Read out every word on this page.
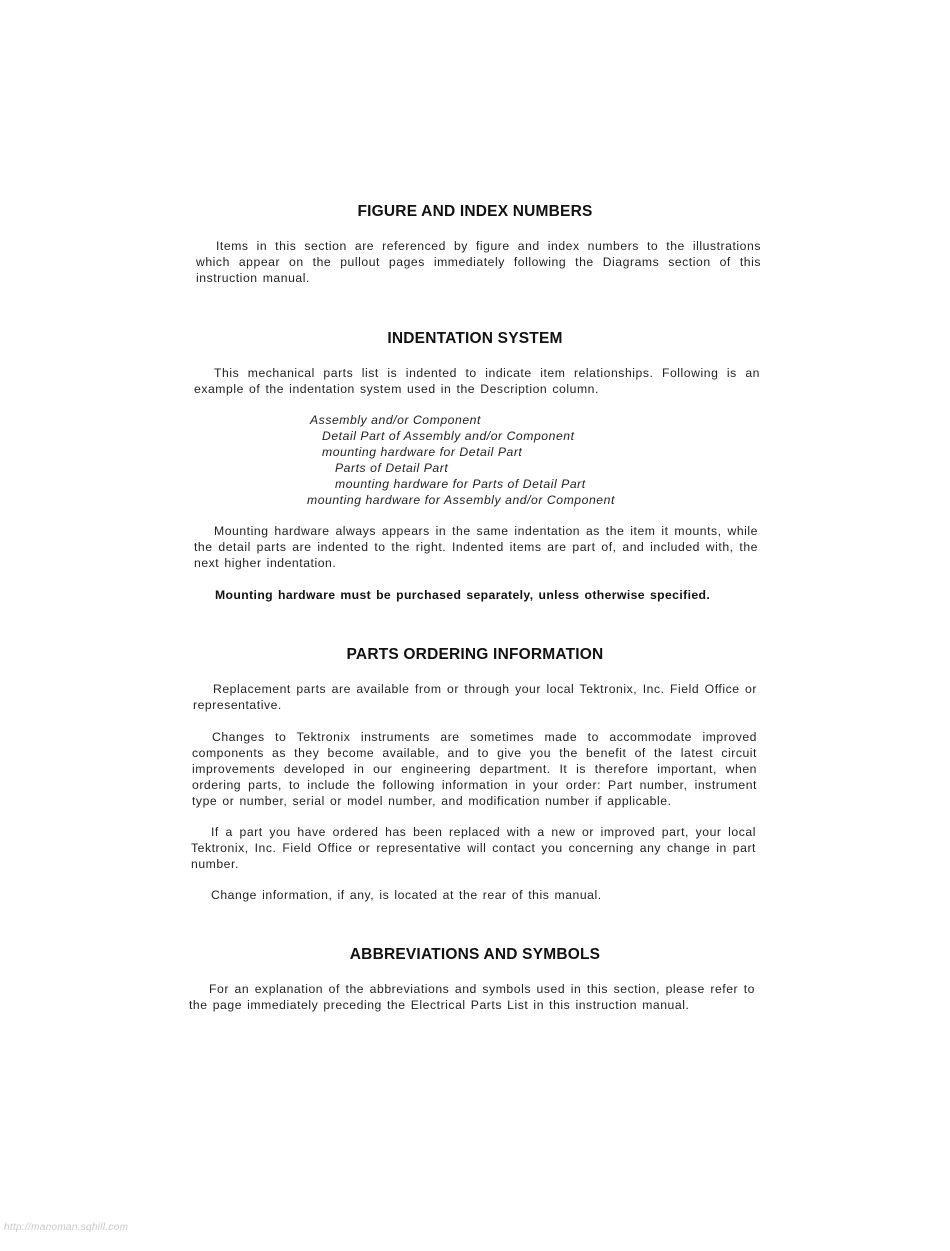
FIGURE AND INDEX NUMBERS

Items in this section are referenced by figure and index numbers to the illustrations which appear on the pullout pages immediately following the Diagrams section of this instruction manual.

INDENTATION SYSTEM

This mechanical parts list is indented to indicate item relationships. Following is an example of the indentation system used in the Description column.

Assembly and/or Component
Detail Part of Assembly and/or Component
mounting hardware for Detail Part
Parts of Detail Part
mounting hardware for Parts of Detail Part
mounting hardware for Assembly and/or Component

Mounting hardware always appears in the same indentation as the item it mounts, while the detail parts are indented to the right. Indented items are part of, and included with, the next higher indentation.

Mounting hardware must be purchased separately, unless otherwise specified.

PARTS ORDERING INFORMATION

Replacement parts are available from or through your local Tektronix, Inc. Field Office or representative.

Changes to Tektronix instruments are sometimes made to accommodate improved components as they become available, and to give you the benefit of the latest circuit improvements developed in our engineering department. It is therefore important, when ordering parts, to include the following information in your order: Part number, instrument type or number, serial or model number, and modification number if applicable.

If a part you have ordered has been replaced with a new or improved part, your local Tektronix, Inc. Field Office or representative will contact you concerning any change in part number.

Change information, if any, is located at the rear of this manual.

ABBREVIATIONS AND SYMBOLS

For an explanation of the abbreviations and symbols used in this section, please refer to the page immediately preceding the Electrical Parts List in this instruction manual.

http://manoman.sqhill.com
